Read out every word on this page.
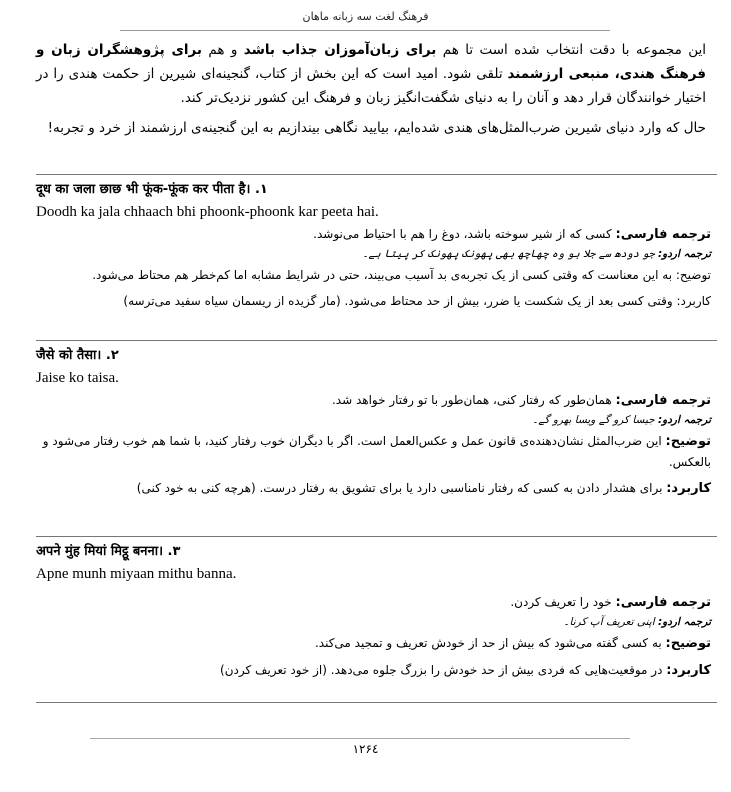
فرهنگ لغت سه زبانه ماهان

این مجموعه با دقت انتخاب شده است تا هم برای زبان‌آموزان جذاب باشد و هم برای پژوهشگران زبان و فرهنگ هندی، منبعی ارزشمند تلقی شود. امید است که این بخش از کتاب، گنجینه‌ای شیرین از حکمت هندی را در اختیار خوانندگان قرار دهد و آنان را به دنیای شگفت‌انگیز زبان و فرهنگ این کشور نزدیک‌تر کند.

حال که وارد دنیای شیرین ضرب‌المثل‌های هندی شده‌ایم، بیایید نگاهی بیندازیم به این گنجینه‌ی ارزشمند از خرد و تجربه!

۱. दूध का जला छाछ भी फूंक-फूंक कर पीता है।
Doodh ka jala chhaach bhi phoonk-phoonk kar peeta hai.
ترجمه فارسی: کسی که از شیر سوخته باشد، دوغ را هم با احتیاط می‌نوشد.
ترجمہ اردو: جو دودھ سے جلا ہو وہ چھاچھ بھی پھونک پھونک کر پیتا ہے۔
توضیح: به این معناست که وقتی کسی از یک تجربه‌ی بد آسیب می‌بیند، حتی در شرایط مشابه اما کم‌خطر هم محتاط می‌شود.
کاربرد: وقتی کسی بعد از یک شکست یا ضرر، بیش از حد محتاط می‌شود. (مار گزیده از ریسمان سیاه سفید می‌ترسه)
۲. जैसे को तैसा।
Jaise ko taisa.
ترجمه فارسی: همان‌طور که رفتار کنی، همان‌طور با تو رفتار خواهد شد.
ترجمہ اردو: جیسا کرو گے ویسا بھرو گے۔
توضیح: این ضرب‌المثل نشان‌دهنده‌ی قانون عمل و عکس‌العمل است. اگر با دیگران خوب رفتار کنید، با شما هم خوب رفتار می‌شود و بالعکس.
کاربرد: برای هشدار دادن به کسی که رفتار نامناسبی دارد یا برای تشویق به رفتار درست. (هرچه کنی به خود کنی)
۳. अपने मुंह मियां मिट्ठू बनना।
Apne munh miyaan mithu banna.
ترجمه فارسی: خود را تعریف کردن.
ترجمہ اردو: اپنی تعریف آپ کرنا۔
توضیح: به کسی گفته می‌شود که بیش از حد از خودش تعریف و تمجید می‌کند.
کاربرد: در موقعیت‌هایی که فردی بیش از حد خودش را بزرگ جلوه می‌دهد. (از خود تعریف کردن)
۱۲۶٤
